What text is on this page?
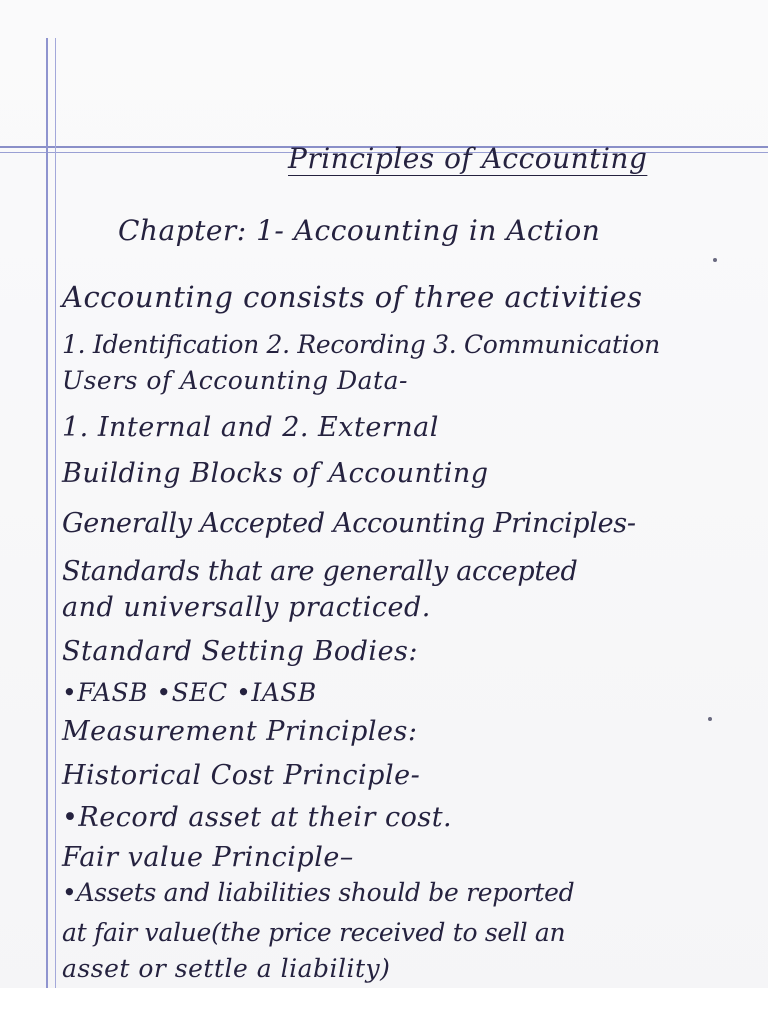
Principles of Accounting
Chapter: 1- Accounting in Action
Accounting consists of three activities
1. Identification 2. Recording 3. Communication
Users of Accounting Data-
1. Internal and 2. External
Building Blocks of Accounting
Generally Accepted Accounting Principles-
Standards that are generally accepted
and universally practiced.
Standard Setting Bodies:
•FASB •SEC •IASB
Measurement Principles:
Historical Cost Principle-
•Record asset at their cost.
Fair value Principle–
•Assets and liabilities should be reported
at fair value(the price received to sell an
asset or settle a liability)
